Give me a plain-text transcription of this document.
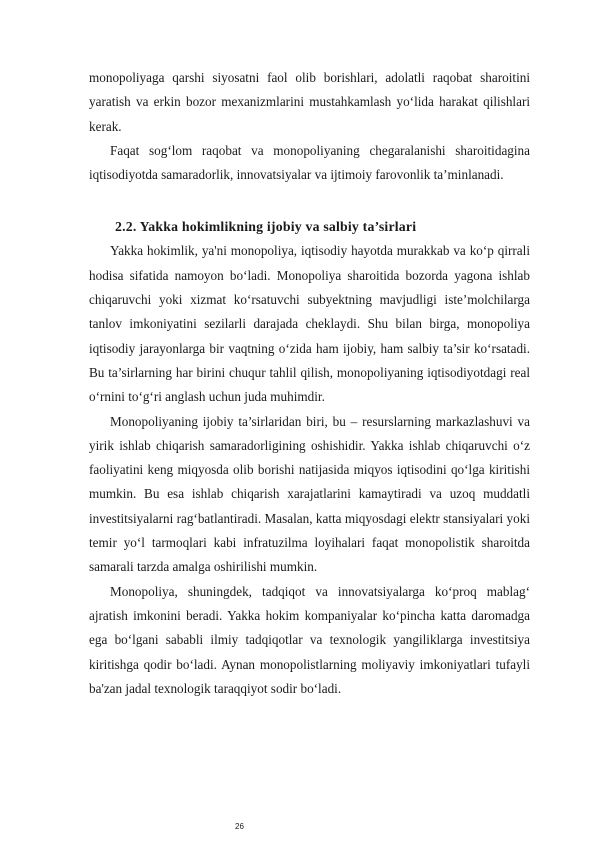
monopoliyaga qarshi siyosatni faol olib borishlari, adolatli raqobat sharoitini yaratish va erkin bozor mexanizmlarini mustahkamlash yo‘lida harakat qilishlari kerak.

Faqat sog‘lom raqobat va monopoliyaning chegaralanishi sharoitidagina iqtisodiyotda samaradorlik, innovatsiyalar va ijtimoiy farovonlik ta’minlanadi.

2.2. Yakka hokimlikning ijobiy va salbiy ta’sirlari

Yakka hokimlik, ya'ni monopoliya, iqtisodiy hayotda murakkab va ko‘p qirrali hodisa sifatida namoyon bo‘ladi. Monopoliya sharoitida bozorda yagona ishlab chiqaruvchi yoki xizmat ko‘rsatuvchi subyektning mavjudligi iste’molchilarga tanlov imkoniyatini sezilarli darajada cheklaydi. Shu bilan birga, monopoliya iqtisodiy jarayonlarga bir vaqtning o‘zida ham ijobiy, ham salbiy ta’sir ko‘rsatadi. Bu ta’sirlarning har birini chuqur tahlil qilish, monopoliyaning iqtisodiyotdagi real o‘rnini to‘g‘ri anglash uchun juda muhimdir.

Monopoliyaning ijobiy ta’sirlaridan biri, bu – resurslarning markazlashuvi va yirik ishlab chiqarish samaradorligining oshishidir. Yakka ishlab chiqaruvchi o‘z faoliyatini keng miqyosda olib borishi natijasida miqyos iqtisodini qo‘lga kiritishi mumkin. Bu esa ishlab chiqarish xarajatlarini kamaytiradi va uzoq muddatli investitsiyalarni rag‘batlantiradi. Masalan, katta miqyosdagi elektr stansiyalari yoki temir yo‘l tarmoqlari kabi infratuzilma loyihalari faqat monopolistik sharoitda samarali tarzda amalga oshirilishi mumkin.

Monopoliya, shuningdek, tadqiqot va innovatsiyalarga ko‘proq mablag‘ ajratish imkonini beradi. Yakka hokim kompaniyalar ko‘pincha katta daromadga ega bo‘lgani sababli ilmiy tadqiqotlar va texnologik yangiliklarga investitsiya kiritishga qodir bo‘ladi. Aynan monopolistlarning moliyaviy imkoniyatlari tufayli ba'zan jadal texnologik taraqqiyot sodir bo‘ladi.

26
